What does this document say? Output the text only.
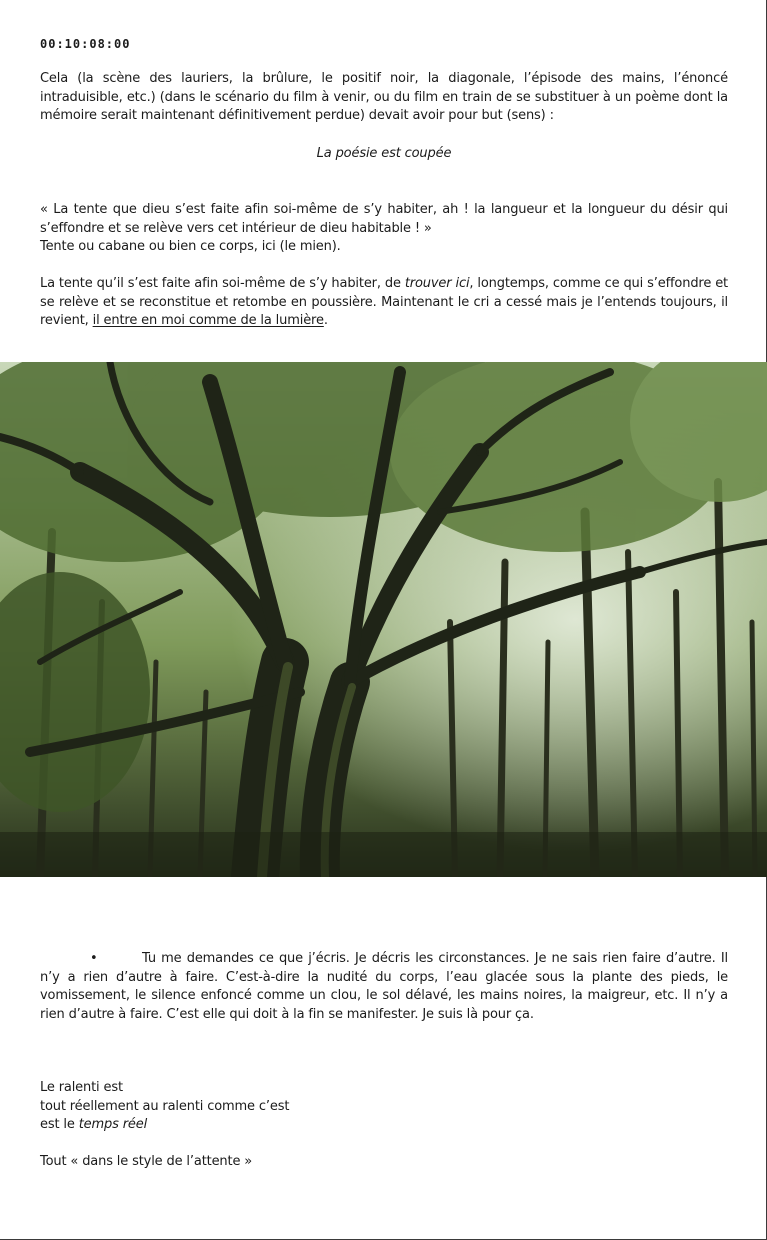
00:10:08:00

Cela (la scène des lauriers, la brûlure, le positif noir, la diagonale, l’épisode des mains, l’énoncé intraduisible, etc.) (dans le scénario du film à venir, ou du film en train de se substituer à un poème dont la mémoire serait maintenant définitivement perdue) devait avoir pour but (sens) :

La poésie est coupée

« La tente que dieu s’est faite afin soi-même de s’y habiter, ah ! la langueur et la longueur du désir qui s’effondre et se relève vers cet intérieur de dieu habitable ! »
Tente ou cabane ou bien ce corps, ici (le mien).

La tente qu’il s’est faite afin soi-même de s’y habiter, de trouver ici, longtemps, comme ce qui s’effondre et se relève et se reconstitue et retombe en poussière. Maintenant le cri a cessé mais je l’entends toujours, il revient, il entre en moi comme de la lumière.

•	Tu me demandes ce que j’écris. Je décris les circonstances. Je ne sais rien faire d’autre. Il n’y a rien d’autre à faire. C’est-à-dire la nudité du corps, l’eau glacée sous la plante des pieds, le vomissement, le silence enfoncé comme un clou, le sol délavé, les mains noires, la maigreur, etc. Il n’y a rien d’autre à faire. C’est elle qui doit à la fin se manifester. Je suis là pour ça.

Le ralenti est
tout réellement au ralenti comme c’est
est le temps réel
Tout « dans le style de l’attente »
